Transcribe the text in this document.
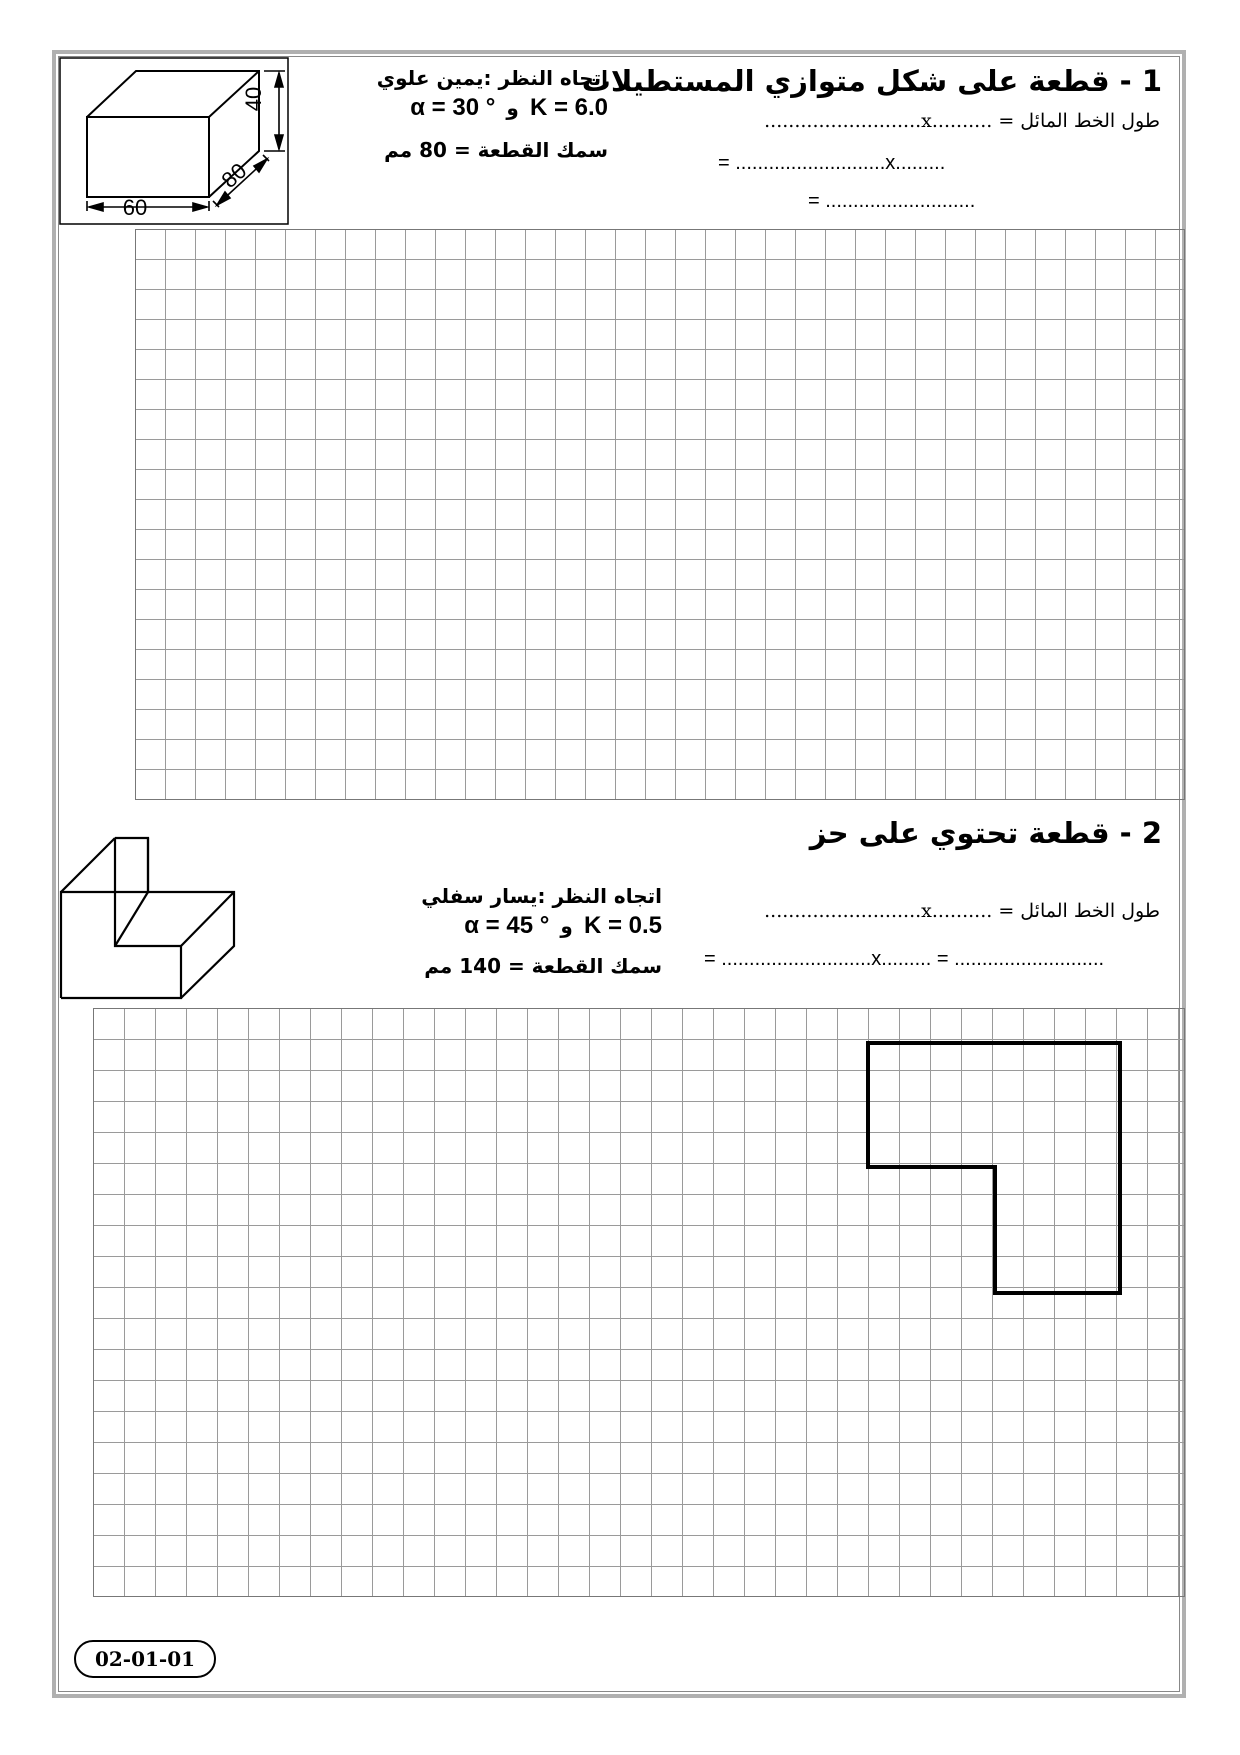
1 - قطعة على شكل متوازي المستطيلات
طول الخط المائل = ..........x..........................
= ...........................x.........
= ...........................
اتجاه النظر :يمين علوي
α = 30 ° و K = 6.0
سمك القطعة = 80 مم
60
40
80
2 - قطعة تحتوي على حز
طول الخط المائل = ..........x..........................
= ...........................x......... = ...........................
اتجاه النظر :يسار سفلي
α = 45 ° و K = 0.5
سمك القطعة = 140 مم
02-01-01
